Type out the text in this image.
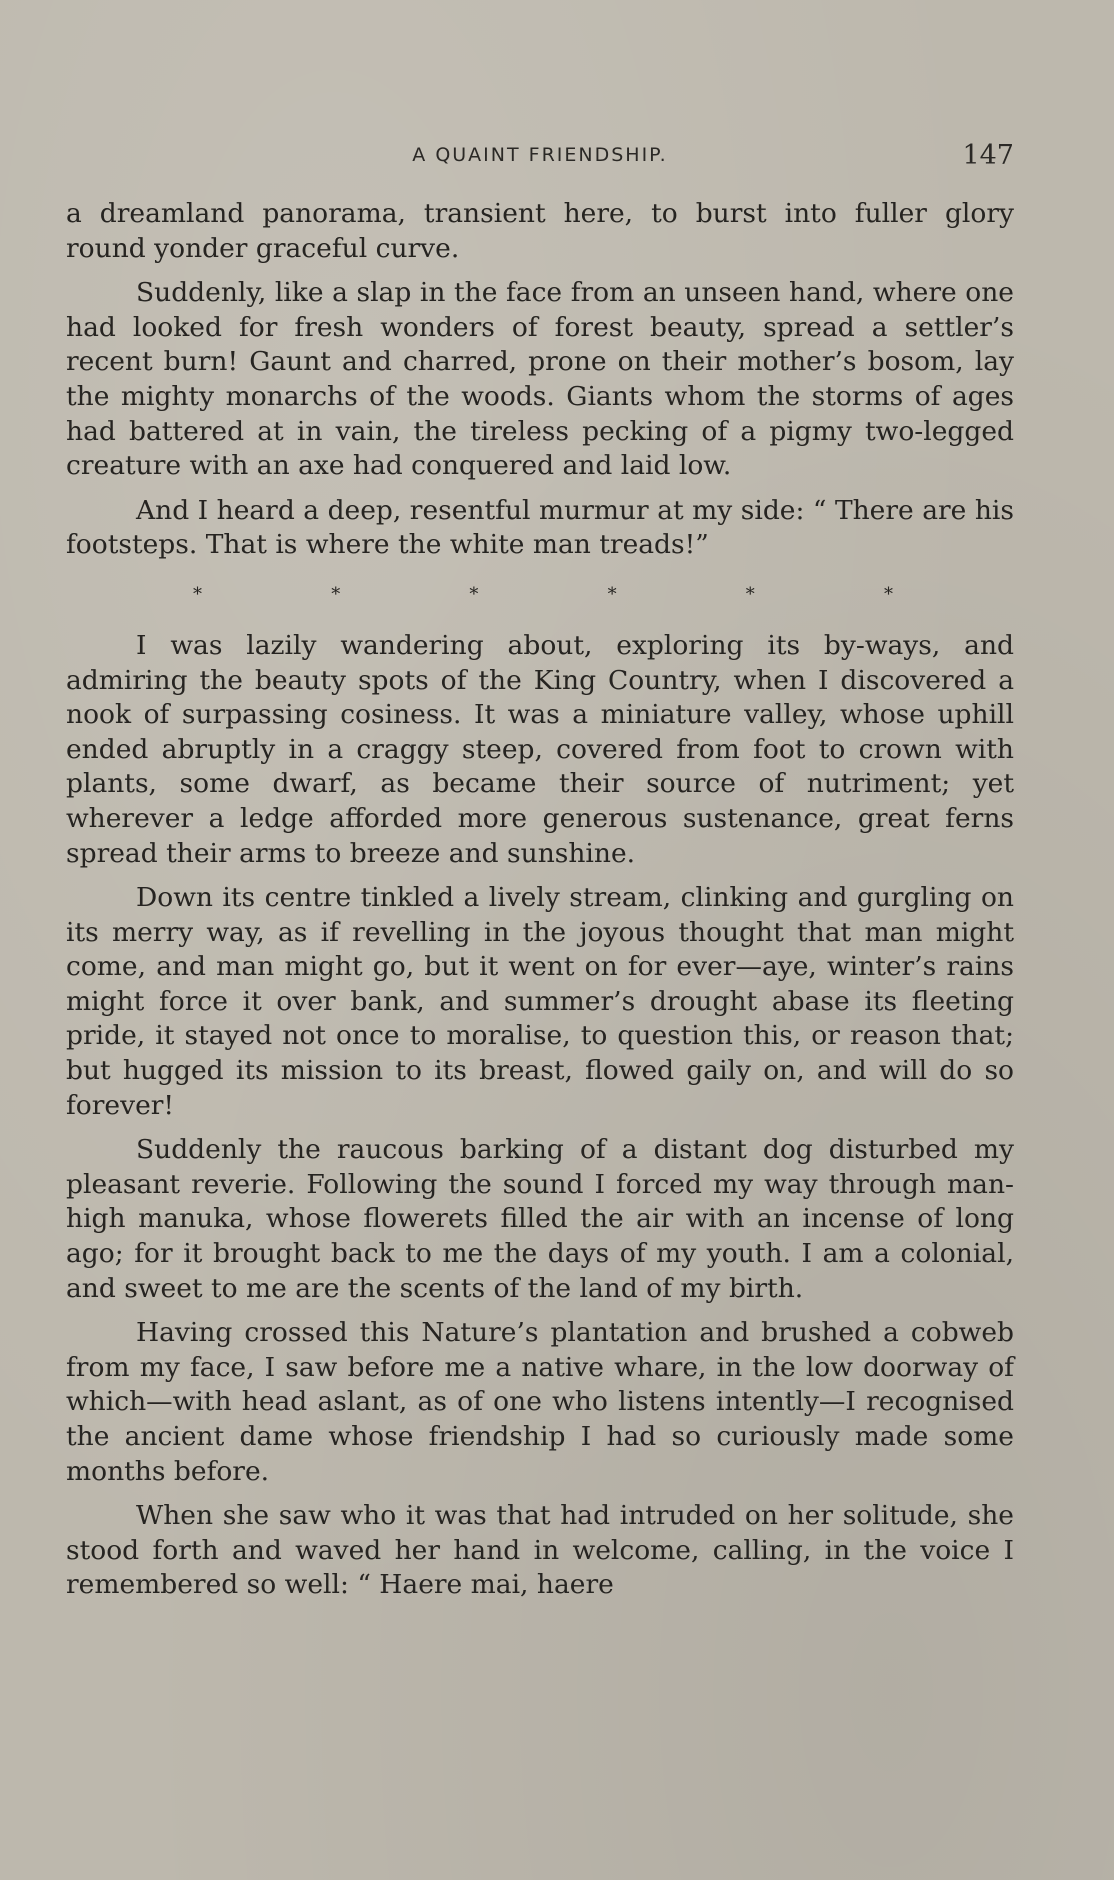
A QUAINT FRIENDSHIP.	147

a dreamland panorama, transient here, to burst into fuller glory round yonder graceful curve.

Suddenly, like a slap in the face from an unseen hand, where one had looked for fresh wonders of forest beauty, spread a settler’s recent burn! Gaunt and charred, prone on their mother’s bosom, lay the mighty monarchs of the woods. Giants whom the storms of ages had battered at in vain, the tireless pecking of a pigmy two-legged creature with an axe had conquered and laid low.

And I heard a deep, resentful murmur at my side: “ There are his footsteps. That is where the white man treads!”

*	*	*	*	*	*

I was lazily wandering about, exploring its by-ways, and admiring the beauty spots of the King Country, when I discovered a nook of surpassing cosiness. It was a miniature valley, whose uphill ended abruptly in a craggy steep, covered from foot to crown with plants, some dwarf, as became their source of nutriment; yet wherever a ledge afforded more generous sustenance, great ferns spread their arms to breeze and sunshine.

Down its centre tinkled a lively stream, clinking and gurgling on its merry way, as if revelling in the joyous thought that man might come, and man might go, but it went on for ever—aye, winter’s rains might force it over bank, and summer’s drought abase its fleeting pride, it stayed not once to moralise, to question this, or reason that; but hugged its mission to its breast, flowed gaily on, and will do so forever!

Suddenly the raucous barking of a distant dog disturbed my pleasant reverie. Following the sound I forced my way through man-high manuka, whose flowerets filled the air with an incense of long ago; for it brought back to me the days of my youth. I am a colonial, and sweet to me are the scents of the land of my birth.

Having crossed this Nature’s plantation and brushed a cobweb from my face, I saw before me a native whare, in the low doorway of which—with head aslant, as of one who listens intently—I recognised the ancient dame whose friendship I had so curiously made some months before.

When she saw who it was that had intruded on her solitude, she stood forth and waved her hand in welcome, calling, in the voice I remembered so well: “ Haere mai, haere
